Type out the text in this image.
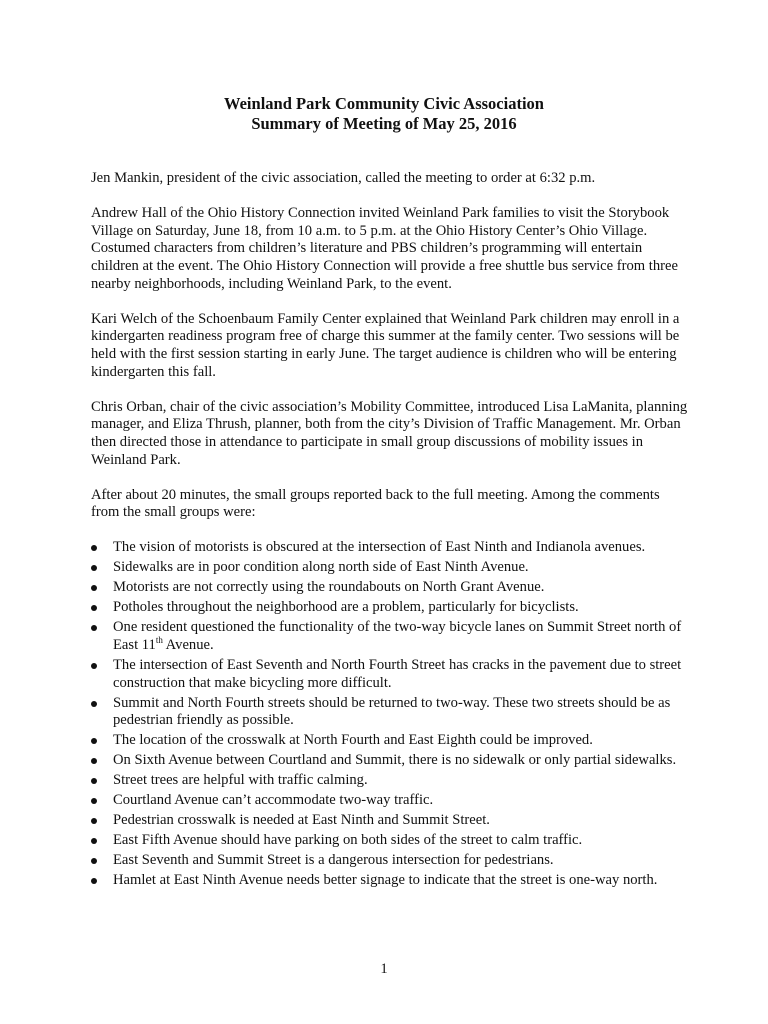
Weinland Park Community Civic Association
Summary of Meeting of May 25, 2016

Jen Mankin, president of the civic association, called the meeting to order at 6:32 p.m.

Andrew Hall of the Ohio History Connection invited Weinland Park families to visit the Storybook Village on Saturday, June 18, from 10 a.m. to 5 p.m. at the Ohio History Center’s Ohio Village. Costumed characters from children’s literature and PBS children’s programming will entertain children at the event. The Ohio History Connection will provide a free shuttle bus service from three nearby neighborhoods, including Weinland Park, to the event.

Kari Welch of the Schoenbaum Family Center explained that Weinland Park children may enroll in a kindergarten readiness program free of charge this summer at the family center. Two sessions will be held with the first session starting in early June. The target audience is children who will be entering kindergarten this fall.

Chris Orban, chair of the civic association’s Mobility Committee, introduced Lisa LaManita, planning manager, and Eliza Thrush, planner, both from the city’s Division of Traffic Management. Mr. Orban then directed those in attendance to participate in small group discussions of mobility issues in Weinland Park.

After about 20 minutes, the small groups reported back to the full meeting. Among the comments from the small groups were:

The vision of motorists is obscured at the intersection of East Ninth and Indianola avenues.
Sidewalks are in poor condition along north side of East Ninth Avenue.
Motorists are not correctly using the roundabouts on North Grant Avenue.
Potholes throughout the neighborhood are a problem, particularly for bicyclists.
One resident questioned the functionality of the two-way bicycle lanes on Summit Street north of East 11th Avenue.
The intersection of East Seventh and North Fourth Street has cracks in the pavement due to street construction that make bicycling more difficult.
Summit and North Fourth streets should be returned to two-way. These two streets should be as pedestrian friendly as possible.
The location of the crosswalk at North Fourth and East Eighth could be improved.
On Sixth Avenue between Courtland and Summit, there is no sidewalk or only partial sidewalks.
Street trees are helpful with traffic calming.
Courtland Avenue can’t accommodate two-way traffic.
Pedestrian crosswalk is needed at East Ninth and Summit Street.
East Fifth Avenue should have parking on both sides of the street to calm traffic.
East Seventh and Summit Street is a dangerous intersection for pedestrians.
Hamlet at East Ninth Avenue needs better signage to indicate that the street is one-way north.
1
